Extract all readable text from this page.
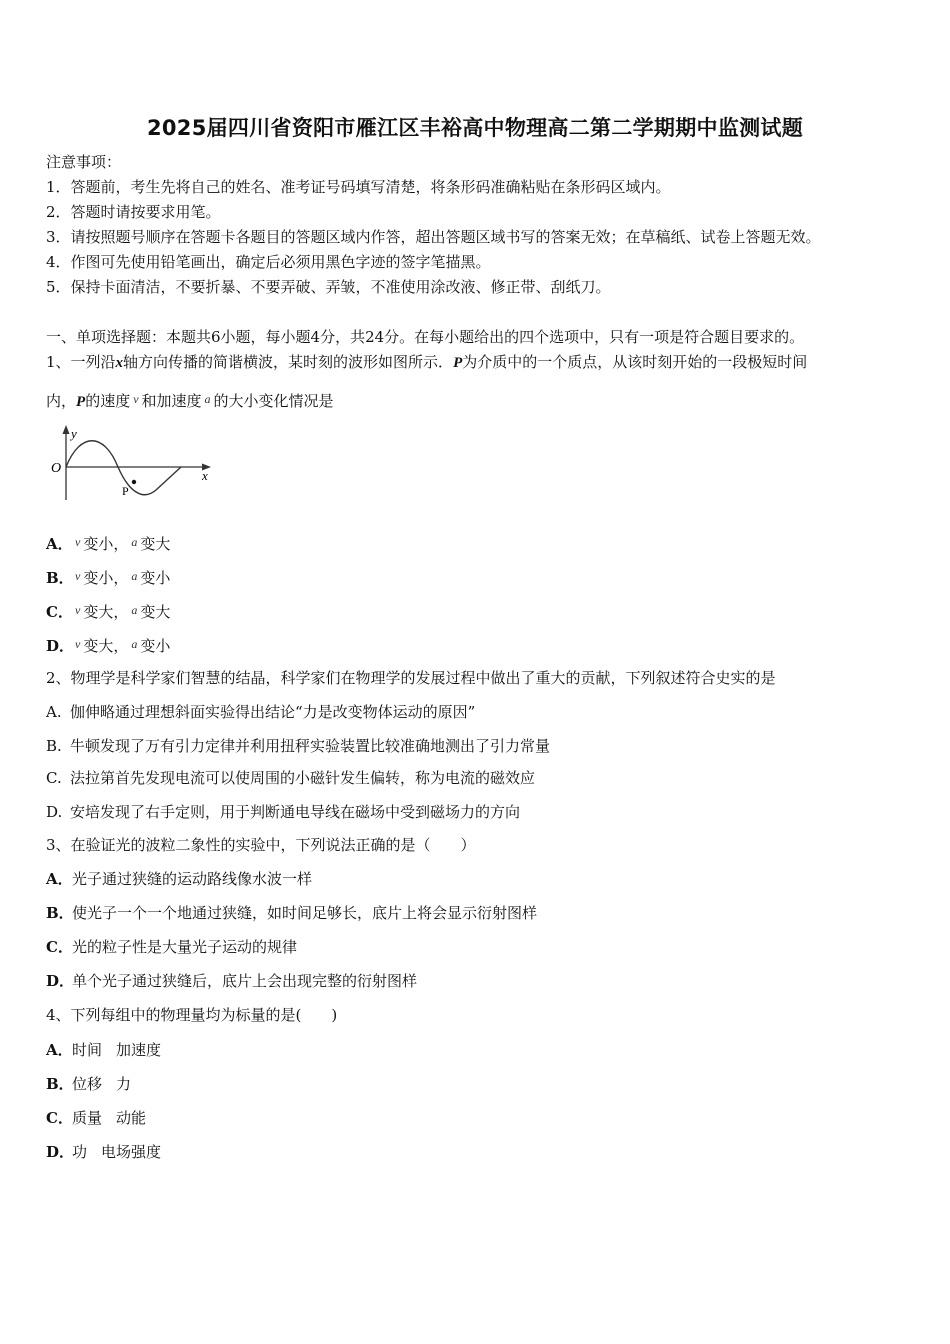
2025届四川省资阳市雁江区丰裕高中物理高二第二学期期中监测试题
注意事项：
1．答题前，考生先将自己的姓名、准考证号码填写清楚，将条形码准确粘贴在条形码区域内。
2．答题时请按要求用笔。
3．请按照题号顺序在答题卡各题目的答题区域内作答，超出答题区域书写的答案无效；在草稿纸、试卷上答题无效。
4．作图可先使用铅笔画出，确定后必须用黑色字迹的签字笔描黑。
5．保持卡面清洁，不要折暴、不要弄破、弄皱，不准使用涂改液、修正带、刮纸刀。
一、单项选择题：本题共6小题，每小题4分，共24分。在每小题给出的四个选项中，只有一项是符合题目要求的。
1、一列沿x轴方向传播的简谐横波，某时刻的波形如图所示．P为介质中的一个质点，从该时刻开始的一段极短时间
内，P的速度 $^v$ 和加速度 $^a$ 的大小变化情况是
y
x
O
P
A． $^v$ 变小， $^a$ 变大
B．$^v$ 变小， $^a$ 变小
C． $^v$ 变大， $^a$ 变大
D．$^v$ 变大， $^a$ 变小
2、物理学是科学家们智慧的结晶，科学家们在物理学的发展过程中做出了重大的贡献，下列叙述符合史实的是
A. 伽伸略通过理想斜面实验得出结论“力是改变物体运动的原因”
B. 牛顿发现了万有引力定律并利用扭秤实验装置比较准确地测出了引力常量
C. 法拉第首先发现电流可以使周围的小磁针发生偏转，称为电流的磁效应
D. 安培发现了右手定则，用于判断通电导线在磁场中受到磁场力的方向
3、在验证光的波粒二象性的实验中，下列说法正确的是（　　）
A．光子通过狭缝的运动路线像水波一样
B．使光子一个一个地通过狭缝，如时间足够长，底片上将会显示衍射图样
C．光的粒子性是大量光子运动的规律
D．单个光子通过狭缝后，底片上会出现完整的衍射图样
4、下列每组中的物理量均为标量的是(　　)
A．时间 加速度
B．位移 力
C．质量 动能
D．功 电场强度
